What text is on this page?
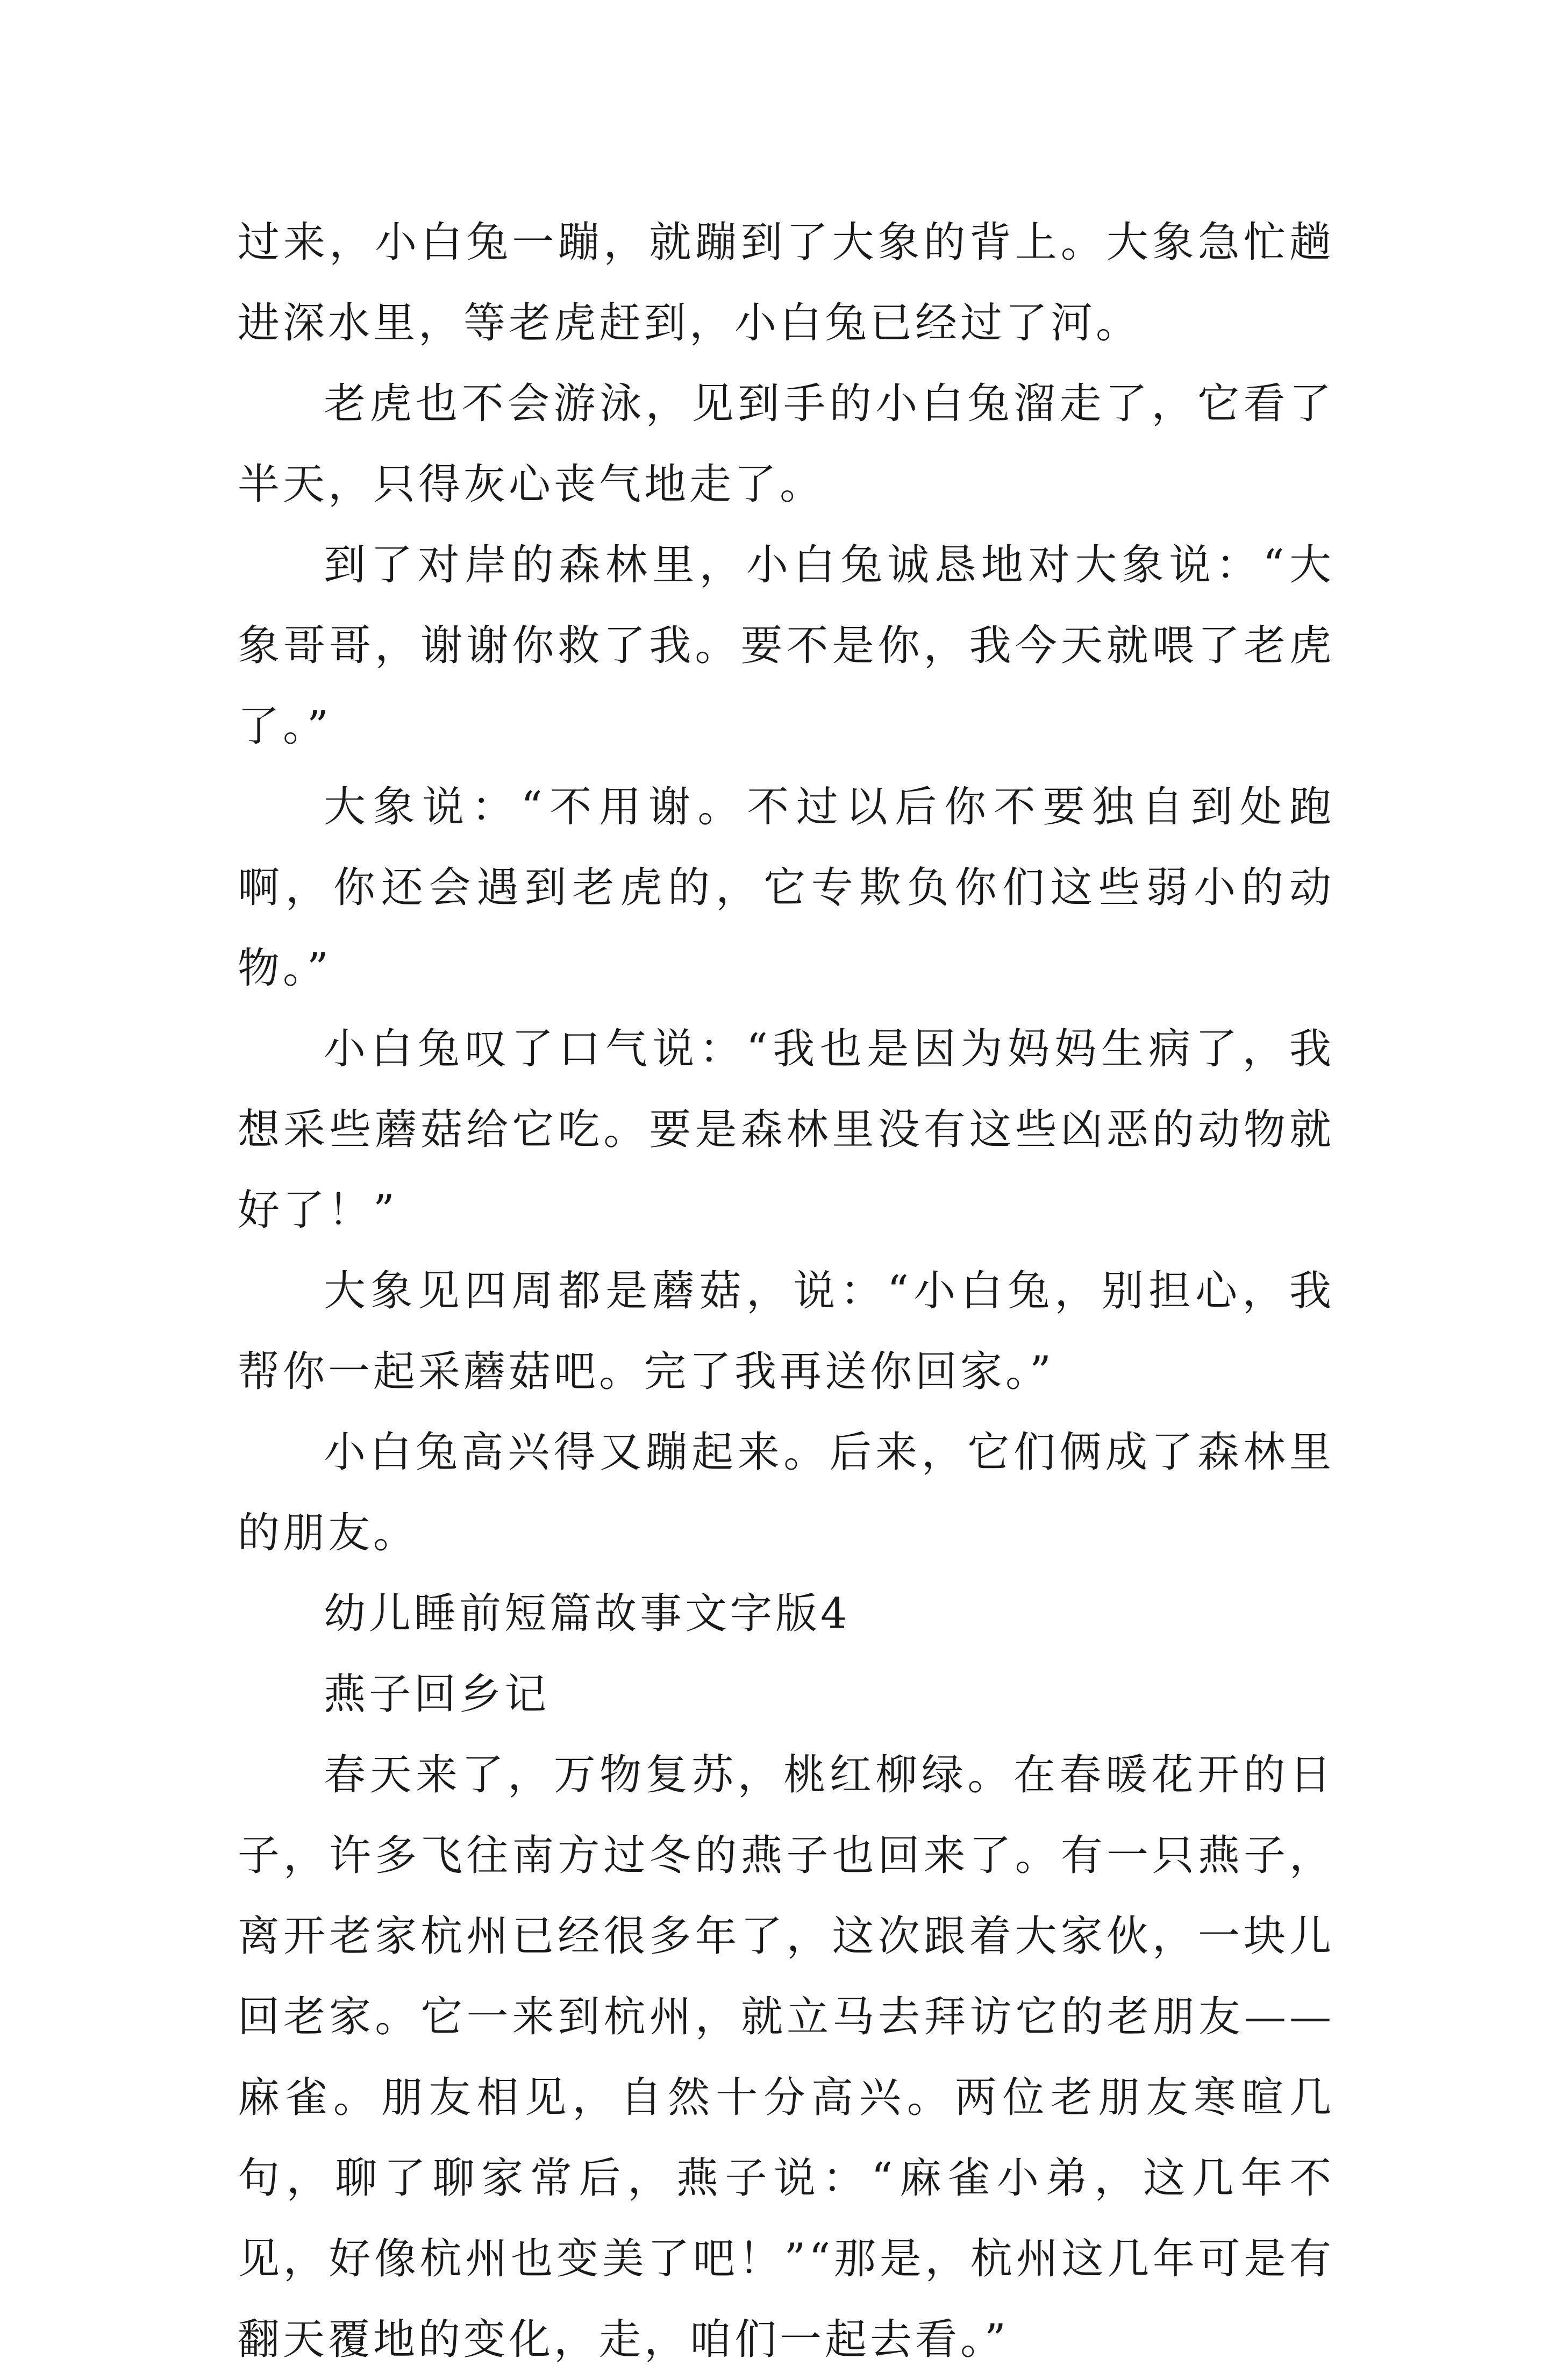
过来，小白兔一蹦，就蹦到了大象的背上。大象急忙趟进深水里，等老虎赶到，小白兔已经过了河。

老虎也不会游泳，见到手的小白兔溜走了，它看了半天，只得灰心丧气地走了。

到了对岸的森林里，小白兔诚恳地对大象说：“大象哥哥，谢谢你救了我。要不是你，我今天就喂了老虎了。”

大象说：“不用谢。不过以后你不要独自到处跑啊，你还会遇到老虎的，它专欺负你们这些弱小的动物。”

小白兔叹了口气说：“我也是因为妈妈生病了，我想采些蘑菇给它吃。要是森林里没有这些凶恶的动物就好了！”

大象见四周都是蘑菇，说：“小白兔，别担心，我帮你一起采蘑菇吧。完了我再送你回家。”

小白兔高兴得又蹦起来。后来，它们俩成了森林里的朋友。

幼儿睡前短篇故事文字版4

燕子回乡记

春天来了，万物复苏，桃红柳绿。在春暖花开的日子，许多飞往南方过冬的燕子也回来了。有一只燕子，离开老家杭州已经很多年了，这次跟着大家伙，一块儿回老家。它一来到杭州，就立马去拜访它的老朋友——麻雀。朋友相见，自然十分高兴。两位老朋友寒暄几句，聊了聊家常后，燕子说：“麻雀小弟，这几年不见，好像杭州也变美了吧！”“那是，杭州这几年可是有翻天覆地的变化，走，咱们一起去看。”
